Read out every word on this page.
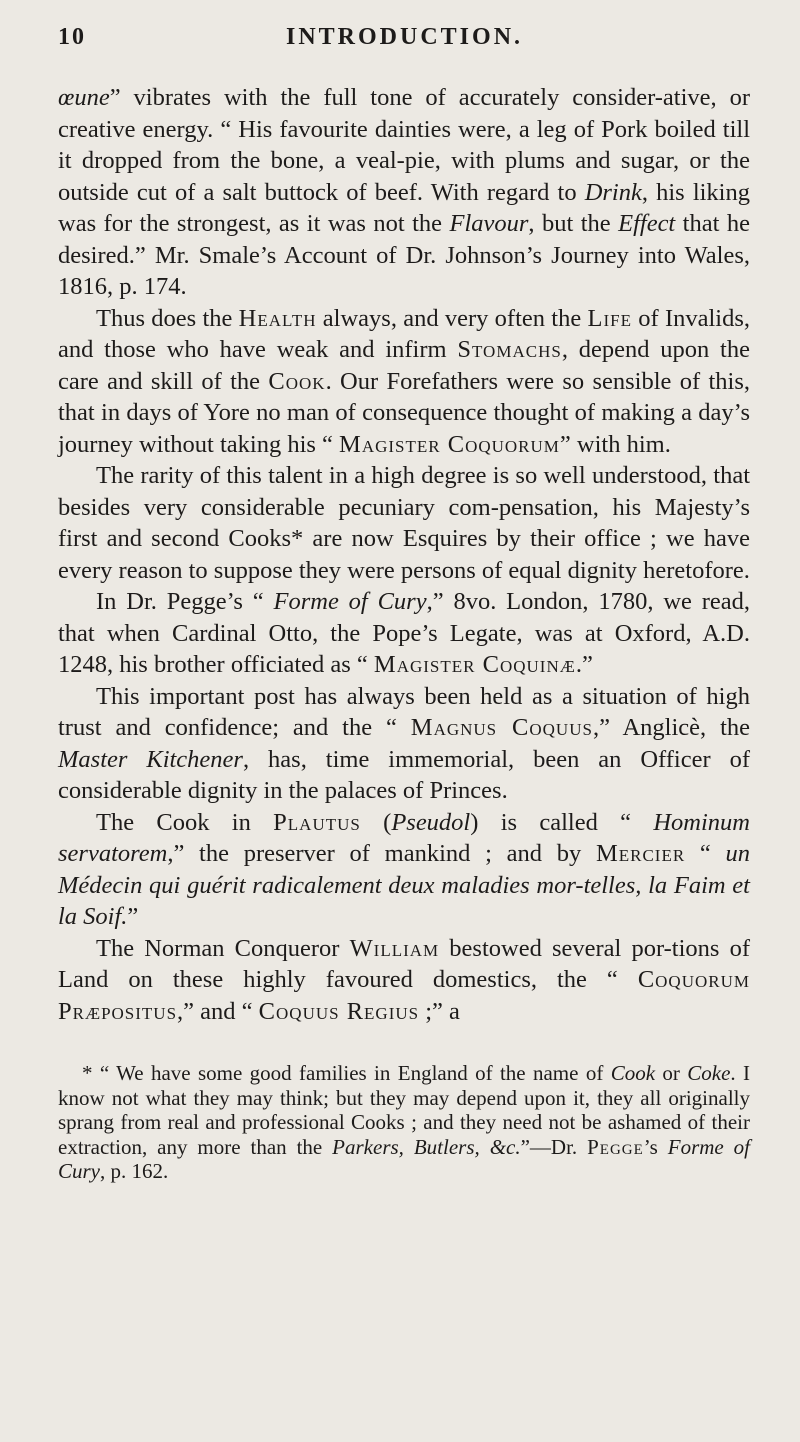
10	INTRODUCTION.

œune” vibrates with the full tone of accurately consider-ative, or creative energy. “ His favourite dainties were, a leg of Pork boiled till it dropped from the bone, a veal-pie, with plums and sugar, or the outside cut of a salt buttock of beef. With regard to Drink, his liking was for the strongest, as it was not the Flavour, but the Effect that he desired.” Mr. Smale’s Account of Dr. Johnson’s Journey into Wales, 1816, p. 174.

Thus does the Health always, and very often the Life of Invalids, and those who have weak and infirm Stomachs, depend upon the care and skill of the Cook. Our Forefathers were so sensible of this, that in days of Yore no man of consequence thought of making a day’s journey without taking his “ Magister Coquorum” with him.

The rarity of this talent in a high degree is so well understood, that besides very considerable pecuniary com-pensation, his Majesty’s first and second Cooks* are now Esquires by their office ; we have every reason to suppose they were persons of equal dignity heretofore.

In Dr. Pegge’s “ Forme of Cury,” 8vo. London, 1780, we read, that when Cardinal Otto, the Pope’s Legate, was at Oxford, A.D. 1248, his brother officiated as “ Magister Coquinæ.”

This important post has always been held as a situation of high trust and confidence; and the “ Magnus Coquus,” Anglicè, the Master Kitchener, has, time immemorial, been an Officer of considerable dignity in the palaces of Princes.

The Cook in Plautus (Pseudol) is called “ Hominum servatorem,” the preserver of mankind ; and by Mercier “ un Médecin qui guérit radicalement deux maladies mor-telles, la Faim et la Soif.”

The Norman Conqueror William bestowed several por-tions of Land on these highly favoured domestics, the “ Coquorum Præpositus,” and “ Coquus Regius ;” a

* “ We have some good families in England of the name of Cook or Coke. I know not what they may think; but they may depend upon it, they all originally sprang from real and professional Cooks ; and they need not be ashamed of their extraction, any more than the Parkers, Butlers, &c.”—Dr. Pegge’s Forme of Cury, p. 162.
